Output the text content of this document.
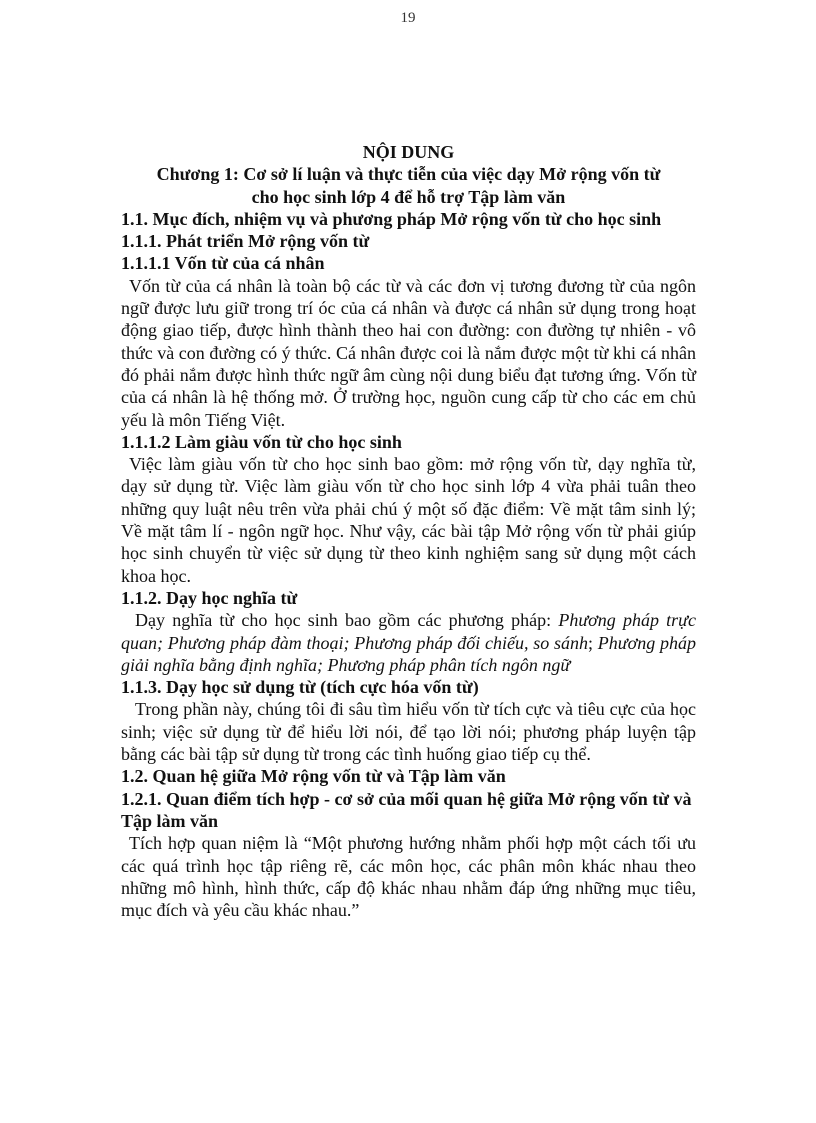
19
NỘI DUNG
Chương 1: Cơ sở lí luận và thực tiễn của việc dạy Mở rộng vốn từ
cho học sinh lớp 4 để hỗ trợ Tập làm văn
1.1. Mục đích, nhiệm vụ và phương pháp Mở rộng vốn từ cho học sinh
1.1.1. Phát triển Mở rộng vốn từ
1.1.1.1 Vốn từ của cá nhân

Vốn từ của cá nhân là toàn bộ các từ và các đơn vị tương đương từ của ngôn ngữ được lưu giữ trong trí óc của cá nhân và được cá nhân sử dụng trong hoạt động giao tiếp, được hình thành theo hai con đường: con đường tự nhiên - vô thức và con đường có ý thức. Cá nhân được coi là nắm được một từ khi cá nhân đó phải nắm được hình thức ngữ âm cùng nội dung biểu đạt tương ứng. Vốn từ của cá nhân là hệ thống mở. Ở trường học, nguồn cung cấp từ cho các em chủ yếu là môn Tiếng Việt.

1.1.1.2 Làm giàu vốn từ cho học sinh

Việc làm giàu vốn từ cho học sinh bao gồm: mở rộng vốn từ, dạy nghĩa từ, dạy sử dụng từ. Việc làm giàu vốn từ cho học sinh lớp 4 vừa phải tuân theo những quy luật nêu trên vừa phải chú ý một số đặc điểm: Về mặt tâm sinh lý; Về mặt tâm lí - ngôn ngữ học. Như vậy, các bài tập Mở rộng vốn từ phải giúp học sinh chuyển từ việc sử dụng từ theo kinh nghiệm sang sử dụng một cách khoa học.

1.1.2. Dạy học nghĩa từ

Dạy nghĩa từ cho học sinh bao gồm các phương pháp: Phương pháp trực quan; Phương pháp đàm thoại; Phương pháp đối chiếu, so sánh; Phương pháp giải nghĩa bằng định nghĩa; Phương pháp phân tích ngôn ngữ

1.1.3. Dạy học sử dụng từ (tích cực hóa vốn từ)

Trong phần này, chúng tôi đi sâu tìm hiểu vốn từ tích cực và tiêu cực của học sinh; việc sử dụng từ để hiểu lời nói, để tạo lời nói; phương pháp luyện tập bằng các bài tập sử dụng từ trong các tình huống giao tiếp cụ thể.

1.2. Quan hệ giữa Mở rộng vốn từ và Tập làm văn
1.2.1. Quan điểm tích hợp - cơ sở của mối quan hệ giữa Mở rộng vốn từ và Tập làm văn

Tích hợp quan niệm là “Một phương hướng nhằm phối hợp một cách tối ưu các quá trình học tập riêng rẽ, các môn học, các phân môn khác nhau theo những mô hình, hình thức, cấp độ khác nhau nhằm đáp ứng những mục tiêu, mục đích và yêu cầu khác nhau.”
